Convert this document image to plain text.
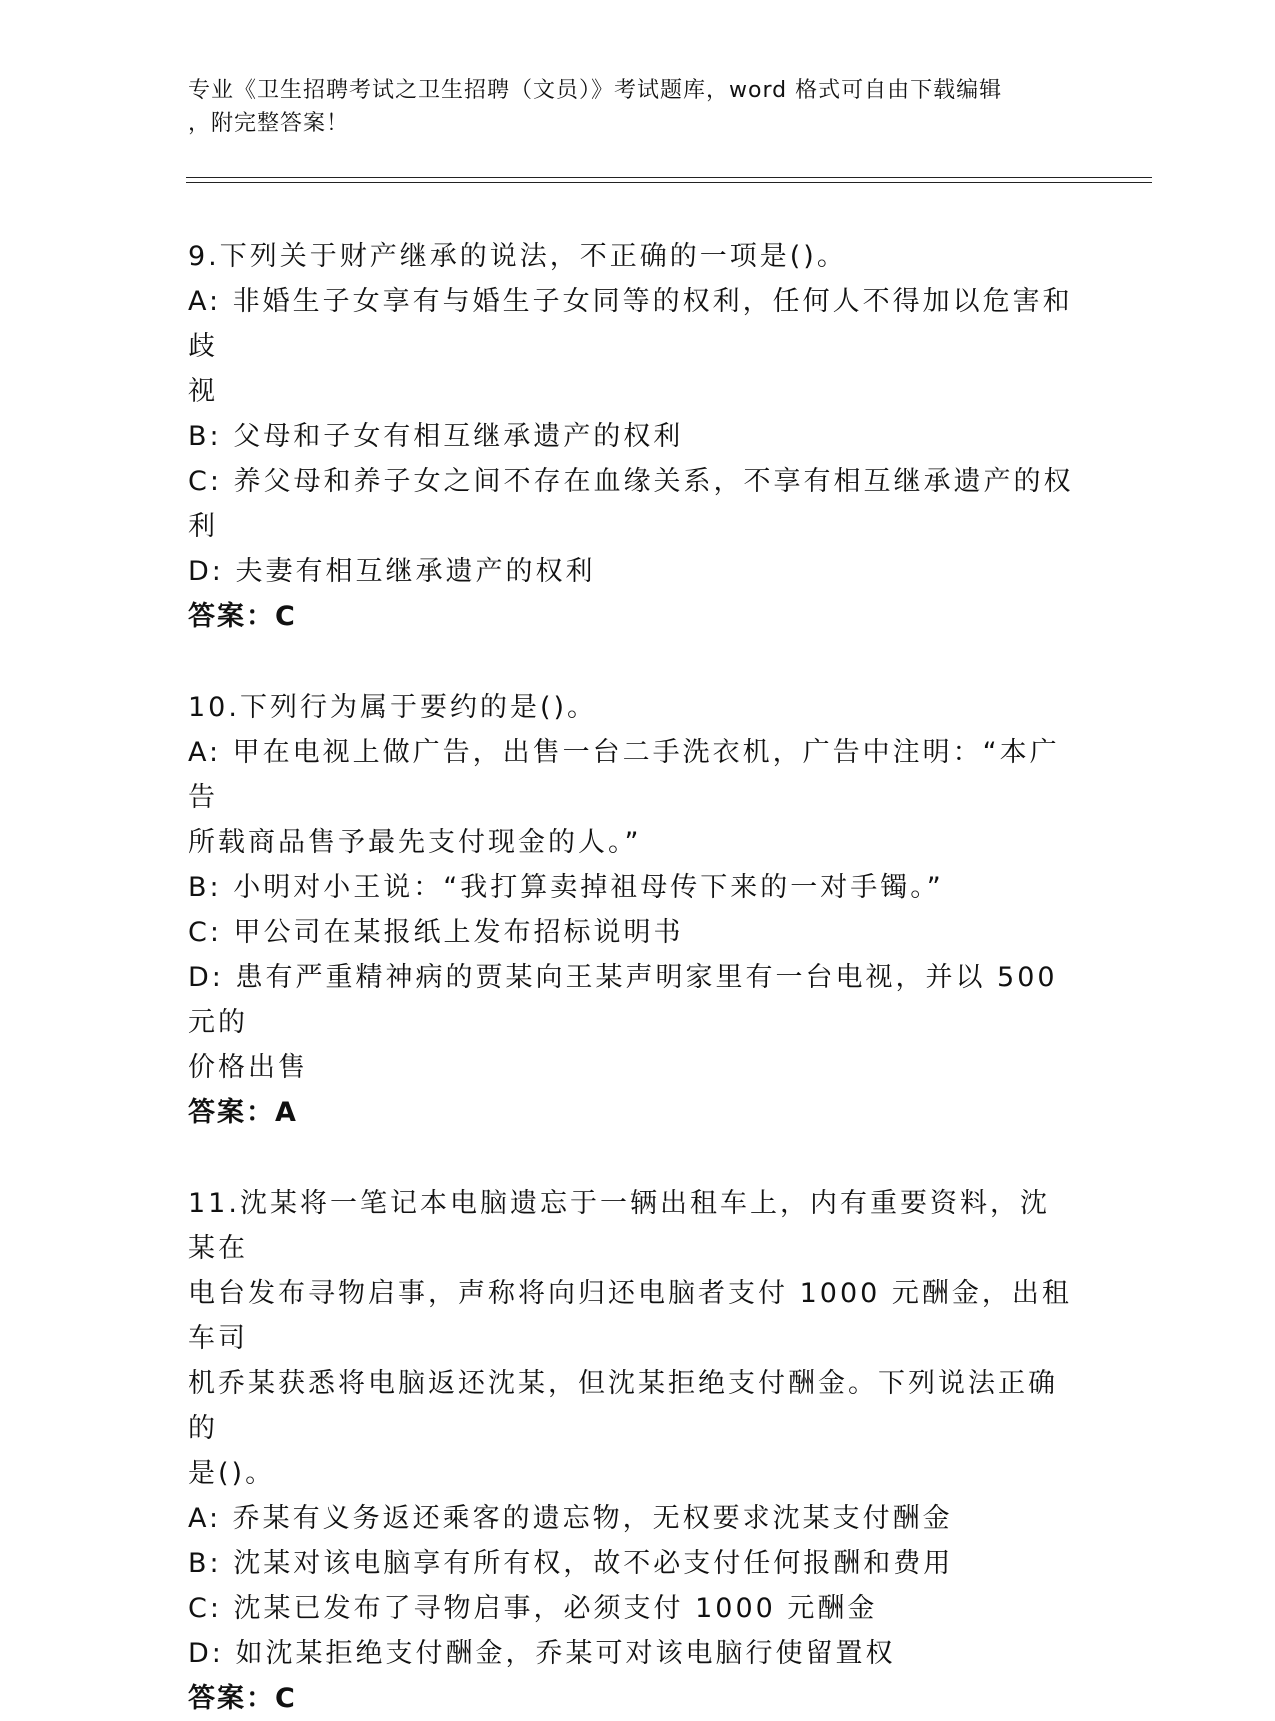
专业《卫生招聘考试之卫生招聘（文员）》考试题库，word 格式可自由下载编辑
，附完整答案！
9.下列关于财产继承的说法，不正确的一项是()。
A: 非婚生子女享有与婚生子女同等的权利，任何人不得加以危害和歧
视
B: 父母和子女有相互继承遗产的权利
C: 养父母和养子女之间不存在血缘关系，不享有相互继承遗产的权利
D: 夫妻有相互继承遗产的权利
答案：C
10.下列行为属于要约的是()。
A: 甲在电视上做广告，出售一台二手洗衣机，广告中注明：“本广告
所载商品售予最先支付现金的人。”
B: 小明对小王说：“我打算卖掉祖母传下来的一对手镯。”
C: 甲公司在某报纸上发布招标说明书
D: 患有严重精神病的贾某向王某声明家里有一台电视，并以 500 元的
价格出售
答案：A
11.沈某将一笔记本电脑遗忘于一辆出租车上，内有重要资料，沈某在
电台发布寻物启事，声称将向归还电脑者支付 1000 元酬金，出租车司
机乔某获悉将电脑返还沈某，但沈某拒绝支付酬金。下列说法正确的
是()。
A: 乔某有义务返还乘客的遗忘物，无权要求沈某支付酬金
B: 沈某对该电脑享有所有权，故不必支付任何报酬和费用
C: 沈某已发布了寻物启事，必须支付 1000 元酬金
D: 如沈某拒绝支付酬金，乔某可对该电脑行使留置权
答案：C
